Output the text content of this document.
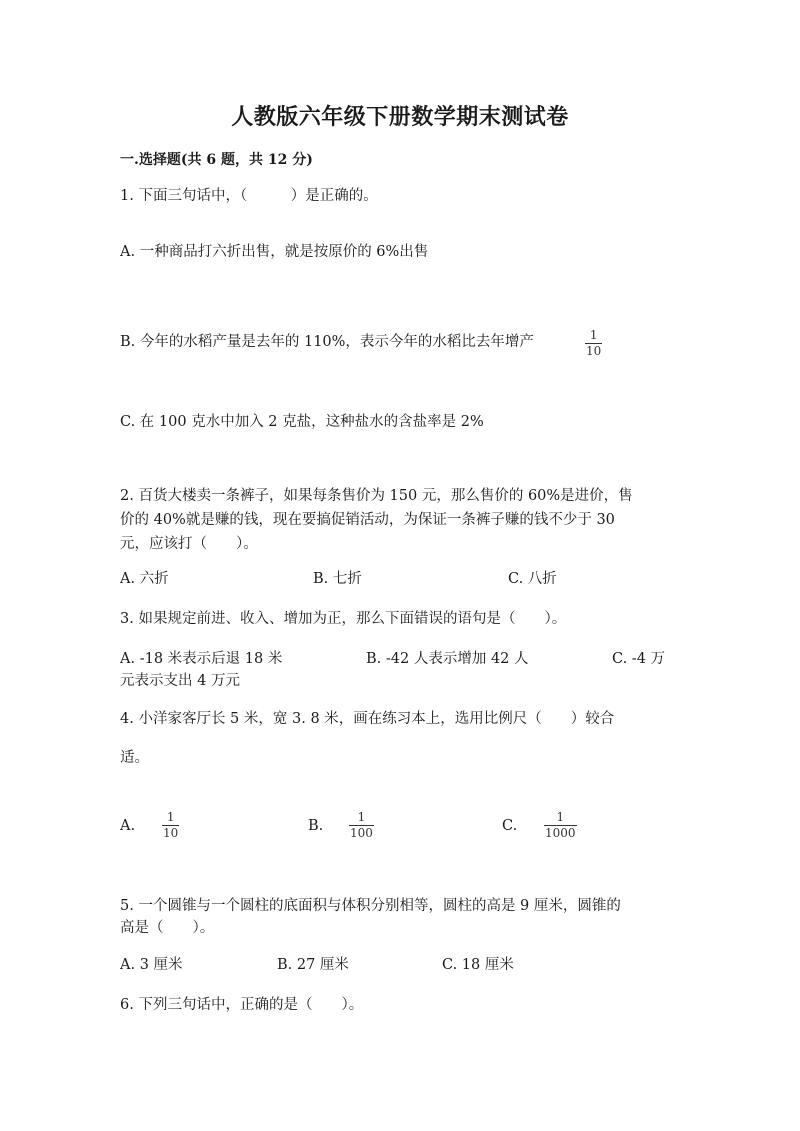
人教版六年级下册数学期末测试卷
一.选择题(共 6 题，共 12 分)
1. 下面三句话中，（　　　）是正确的。
A. 一种商品打六折出售，就是按原价的 6%出售
B. 今年的水稻产量是去年的 110%，表示今年的水稻比去年增产	1
10
C. 在 100 克水中加入 2 克盐，这种盐水的含盐率是 2%
2. 百货大楼卖一条裤子，如果每条售价为 150 元，那么售价的 60%是进价，售
价的 40%就是赚的钱，现在要搞促销活动，为保证一条裤子赚的钱不少于 30
元，应该打（　　）。
A. 六折	B. 七折	C. 八折
3. 如果规定前进、收入、增加为正，那么下面错误的语句是（　　）。
A. -18 米表示后退 18 米	B. -42 人表示增加 42 人	C. -4 万
元表示支出 4 万元
4. 小洋家客厅长 5 米，宽 3. 8 米，画在练习本上，选用比例尺（　　）较合
适。
A.
1
10	B.
1
100	C.
1
1000
5. 一个圆锥与一个圆柱的底面积与体积分别相等，圆柱的高是 9 厘米，圆锥的
高是（　　）。
A. 3 厘米	B. 27 厘米	C. 18 厘米
6. 下列三句话中，正确的是（　　）。
